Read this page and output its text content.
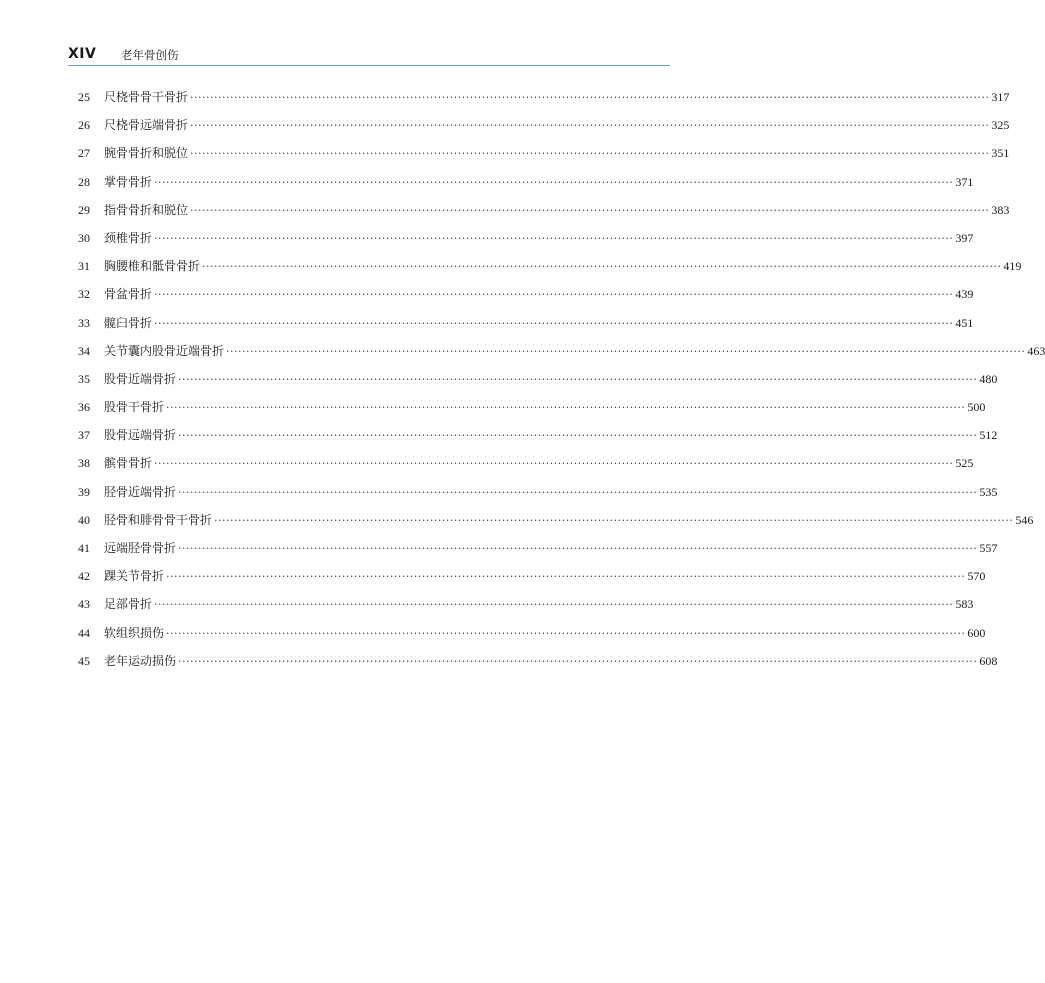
XIV 老年骨创伤
25	尺桡骨骨干骨折 ········································································································································································································ 317
26	尺桡骨远端骨折 ········································································································································································································ 325
27	腕骨骨折和脱位 ········································································································································································································ 351
28	掌骨骨折 ········································································································································································································ 371
29	指骨骨折和脱位 ········································································································································································································ 383
30	颈椎骨折 ········································································································································································································ 397
31	胸腰椎和骶骨骨折 ········································································································································································································ 419
32	骨盆骨折 ········································································································································································································ 439
33	髋臼骨折 ········································································································································································································ 451
34	关节囊内股骨近端骨折 ········································································································································································································ 463
35	股骨近端骨折 ········································································································································································································ 480
36	股骨干骨折 ········································································································································································································ 500
37	股骨远端骨折 ········································································································································································································ 512
38	髌骨骨折 ········································································································································································································ 525
39	胫骨近端骨折 ········································································································································································································ 535
40	胫骨和腓骨骨干骨折 ········································································································································································································ 546
41	远端胫骨骨折 ········································································································································································································ 557
42	踝关节骨折 ········································································································································································································ 570
43	足部骨折 ········································································································································································································ 583
44	软组织损伤 ········································································································································································································ 600
45	老年运动损伤 ········································································································································································································ 608
